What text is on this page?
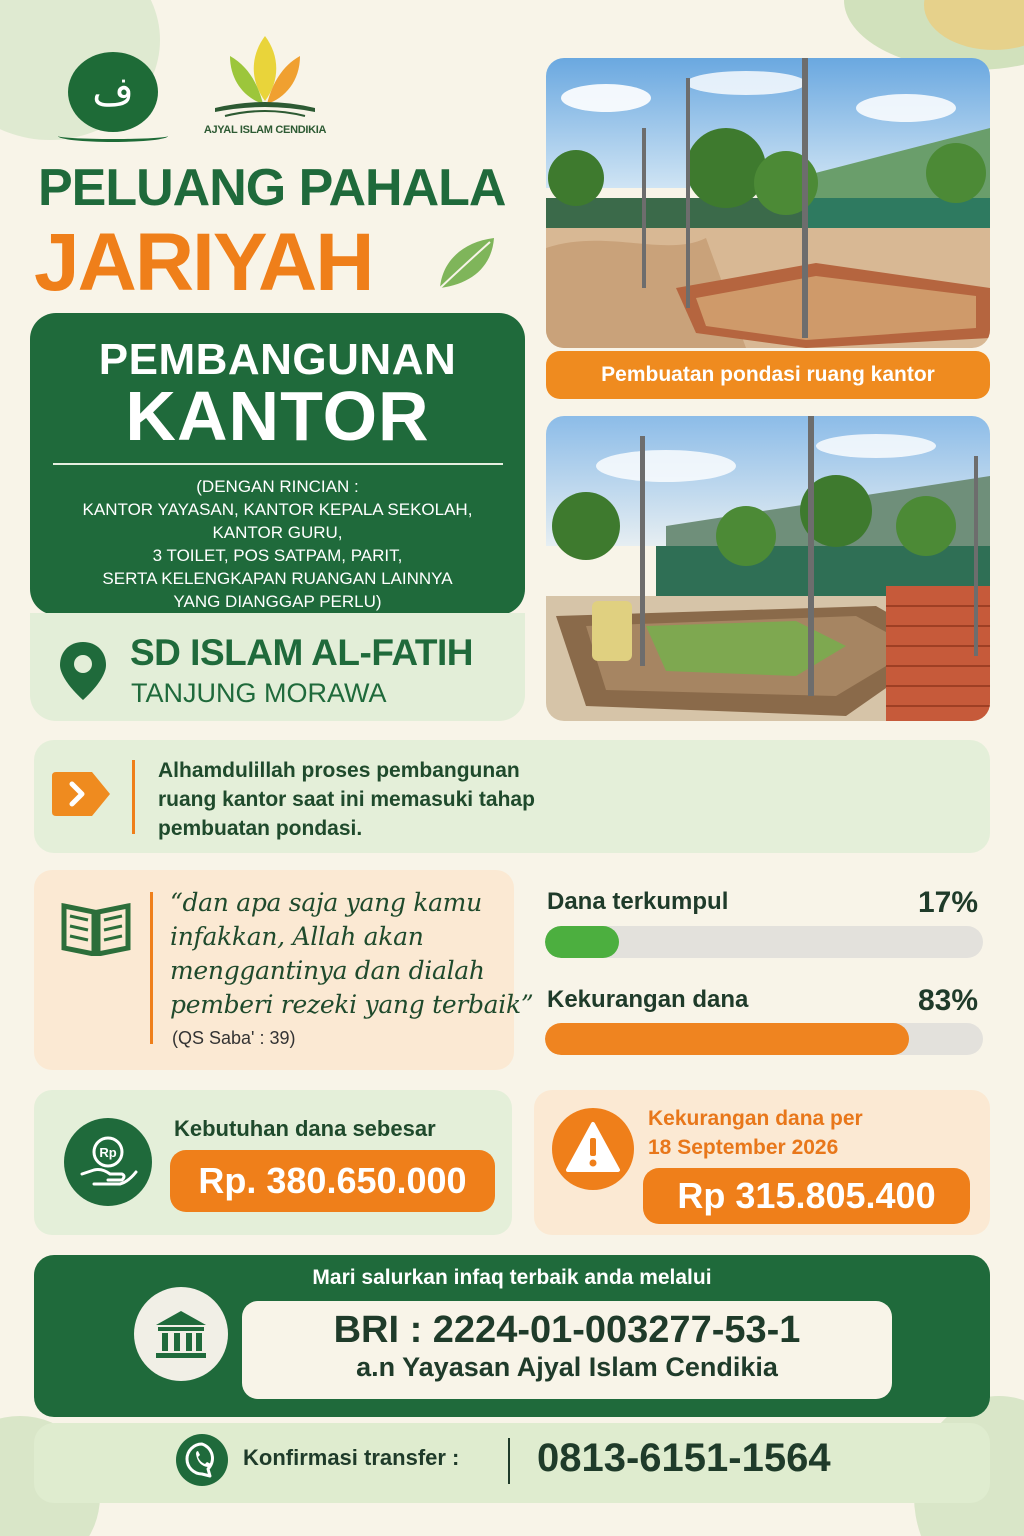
ف
AJYAL ISLAM CENDIKIA
PELUANG PAHALA
JARIYAH
PEMBANGUNAN
KANTOR
(DENGAN RINCIAN :
KANTOR YAYASAN, KANTOR KEPALA SEKOLAH,
KANTOR GURU,
3 TOILET, POS SATPAM, PARIT,
SERTA KELENGKAPAN RUANGAN LAINNYA
YANG DIANGGAP PERLU)
SD ISLAM AL-FATIH
TANJUNG MORAWA
Pembuatan pondasi ruang kantor
Alhamdulillah proses pembangunan
ruang kantor saat ini memasuki tahap
pembuatan pondasi.
“dan apa saja yang kamu
infakkan, Allah akan
menggantinya dan dialah
pemberi rezeki yang terbaik”
(QS Saba' : 39)
Dana terkumpul	17%
Kekurangan dana	83%
Rp
Kebutuhan dana sebesar
Rp. 380.650.000
Kekurangan dana per
18 September 2026
Rp 315.805.400
Mari salurkan infaq terbaik anda melalui
BRI : 2224-01-003277-53-1
a.n Yayasan Ajyal Islam Cendikia
Konfirmasi transfer : 0813-6151-1564
